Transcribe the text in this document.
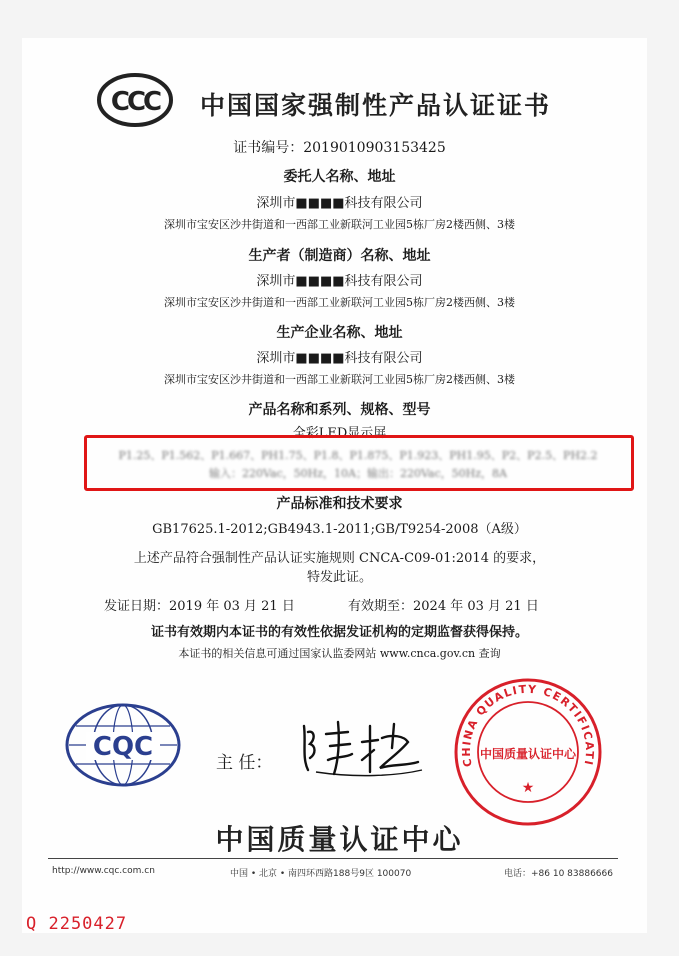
CCC 中国国家强制性产品认证证书
证书编号：2019010903153425
委托人名称、地址
深圳市■■■■科技有限公司
深圳市宝安区沙井街道和一西部工业新联河工业园5栋厂房2楼西侧、3楼
生产者（制造商）名称、地址
深圳市■■■■科技有限公司
深圳市宝安区沙井街道和一西部工业新联河工业园5栋厂房2楼西侧、3楼
生产企业名称、地址
深圳市■■■■科技有限公司
深圳市宝安区沙井街道和一西部工业新联河工业园5栋厂房2楼西侧、3楼
产品名称和系列、规格、型号
全彩LED显示屏
P1.25、P1.562、P1.667、PH1.75、P1.8、P1.875、P1.923、PH1.95、P2、P2.5、PH2.2
输入：220Vac，50Hz，10A；输出：220Vac，50Hz，8A
产品标准和技术要求
GB17625.1-2012;GB4943.1-2011;GB/T9254-2008（A级）
上述产品符合强制性产品认证实施规则 CNCA-C09-01:2014 的要求，
特发此证。
发证日期：2019 年 03 月 21 日	有效期至：2024 年 03 月 21 日
证书有效期内本证书的有效性依据发证机构的定期监督获得保持。
本证书的相关信息可通过国家认监委网站 www.cnca.gov.cn 查询
CQC
主 任：	CHINA QUALITY CERTIFICATI
中国质量认证中心
★
中国质量认证中心
http://www.cqc.com.cn	中国 • 北京 • 南四环西路188号9区 100070	电话：+86 10 83886666
Q 2250427
